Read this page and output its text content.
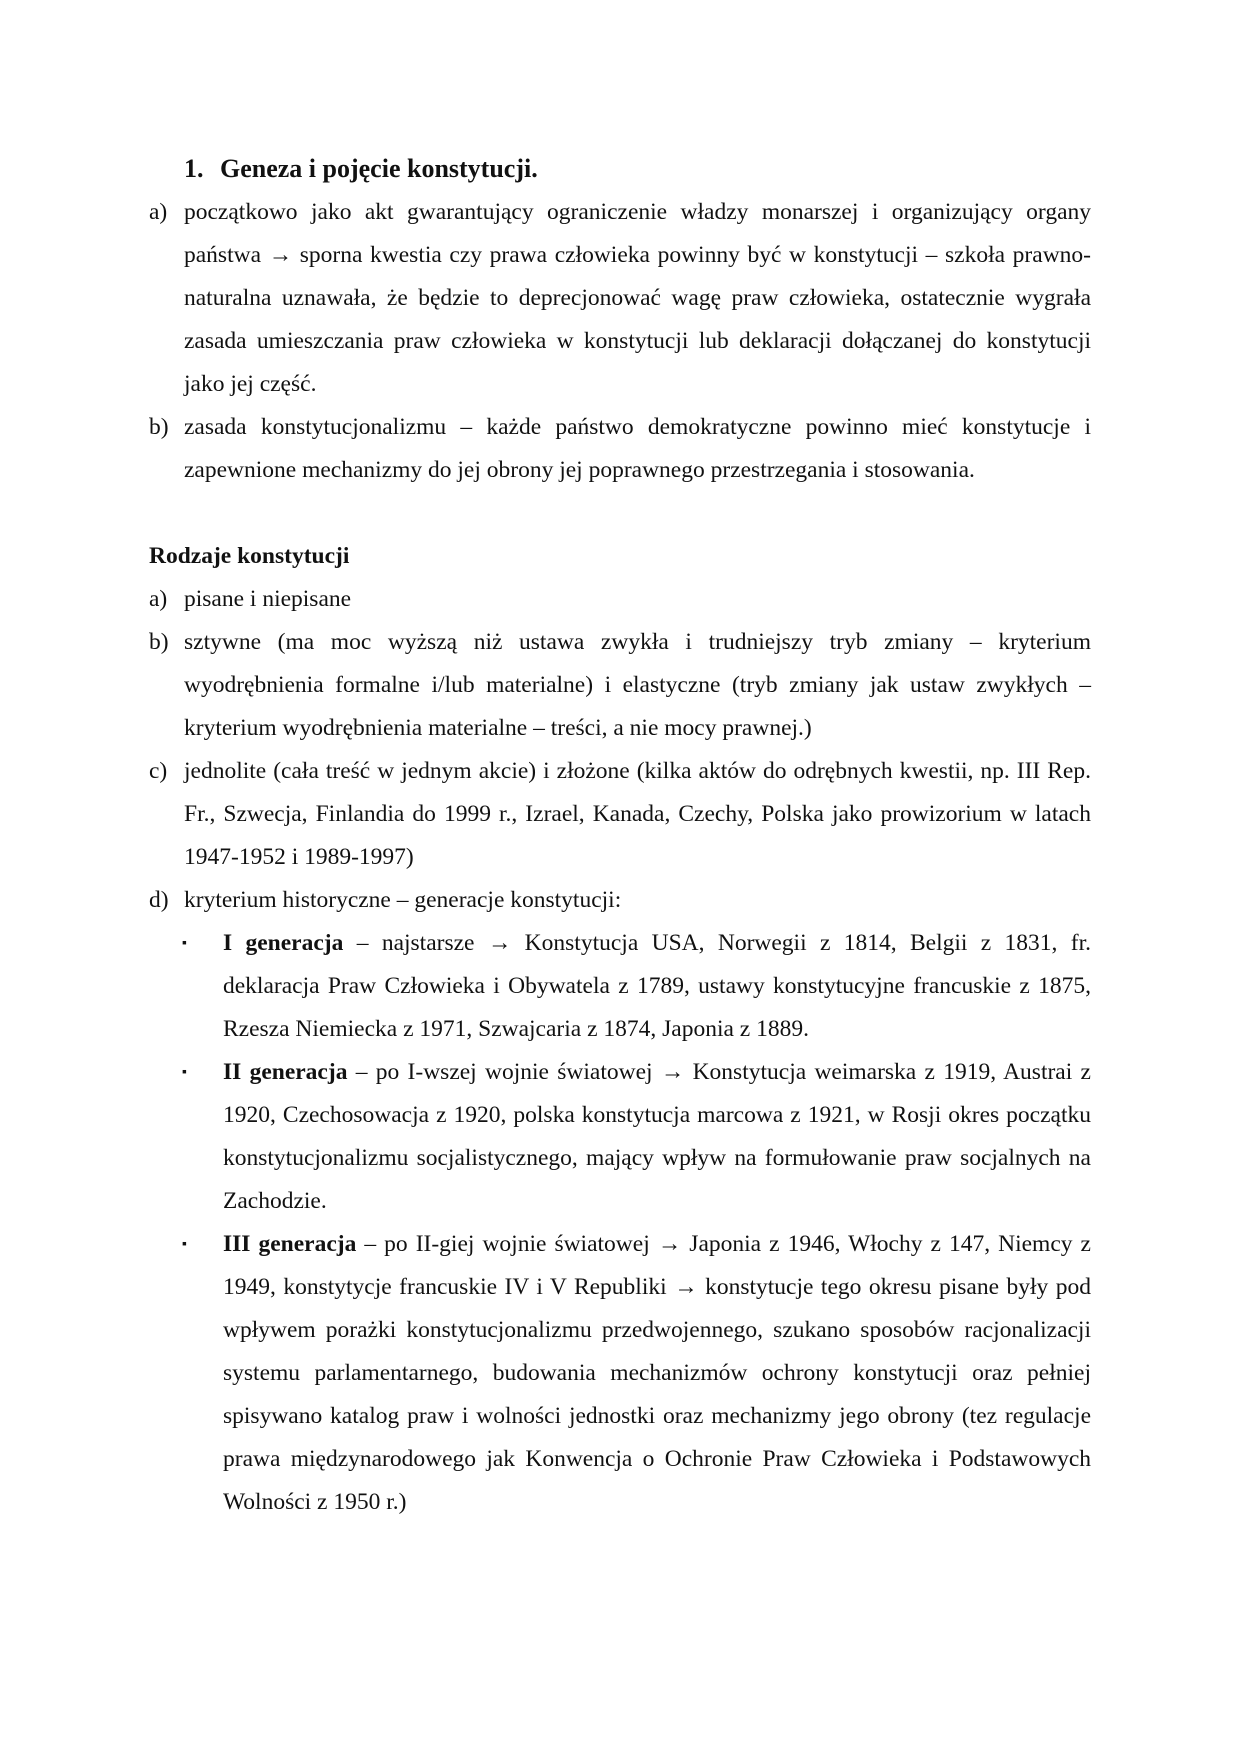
1. Geneza i pojęcie konstytucji.
a) początkowo jako akt gwarantujący ograniczenie władzy monarszej i organizujący organy państwa → sporna kwestia czy prawa człowieka powinny być w konstytucji – szkoła prawno-naturalna uznawała, że będzie to deprecjonować wagę praw człowieka, ostatecznie wygrała zasada umieszczania praw człowieka w konstytucji lub deklaracji dołączanej do konstytucji jako jej część.
b) zasada konstytucjonalizmu – każde państwo demokratyczne powinno mieć konstytucje i zapewnione mechanizmy do jej obrony jej poprawnego przestrzegania i stosowania.
Rodzaje konstytucji
a) pisane i niepisane
b) sztywne (ma moc wyższą niż ustawa zwykła i trudniejszy tryb zmiany – kryterium wyodrębnienia formalne i/lub materialne) i elastyczne (tryb zmiany jak ustaw zwykłych – kryterium wyodrębnienia materialne – treści, a nie mocy prawnej.)
c) jednolite (cała treść w jednym akcie) i złożone (kilka aktów do odrębnych kwestii, np. III Rep. Fr., Szwecja, Finlandia do 1999 r., Izrael, Kanada, Czechy, Polska jako prowizorium w latach 1947-1952 i 1989-1997)
d) kryterium historyczne – generacje konstytucji:
▪ I generacja – najstarsze → Konstytucja USA, Norwegii z 1814, Belgii z 1831, fr. deklaracja Praw Człowieka i Obywatela z 1789, ustawy konstytucyjne francuskie z 1875, Rzesza Niemiecka z 1971, Szwajcaria z 1874, Japonia z 1889.
▪ II generacja – po I-wszej wojnie światowej → Konstytucja weimarska z 1919, Austrai z 1920, Czechosowacja z 1920, polska konstytucja marcowa z 1921, w Rosji okres początku konstytucjonalizmu socjalistycznego, mający wpływ na formułowanie praw socjalnych na Zachodzie.
▪ III generacja – po II-giej wojnie światowej → Japonia z 1946, Włochy z 147, Niemcy z 1949, konstytycje francuskie IV i V Republiki → konstytucje tego okresu pisane były pod wpływem porażki konstytucjonalizmu przedwojennego, szukano sposobów racjonalizacji systemu parlamentarnego, budowania mechanizmów ochrony konstytucji oraz pełniej spisywano katalog praw i wolności jednostki oraz mechanizmy jego obrony (tez regulacje prawa międzynarodowego jak Konwencja o Ochronie Praw Człowieka i Podstawowych Wolności z 1950 r.)
